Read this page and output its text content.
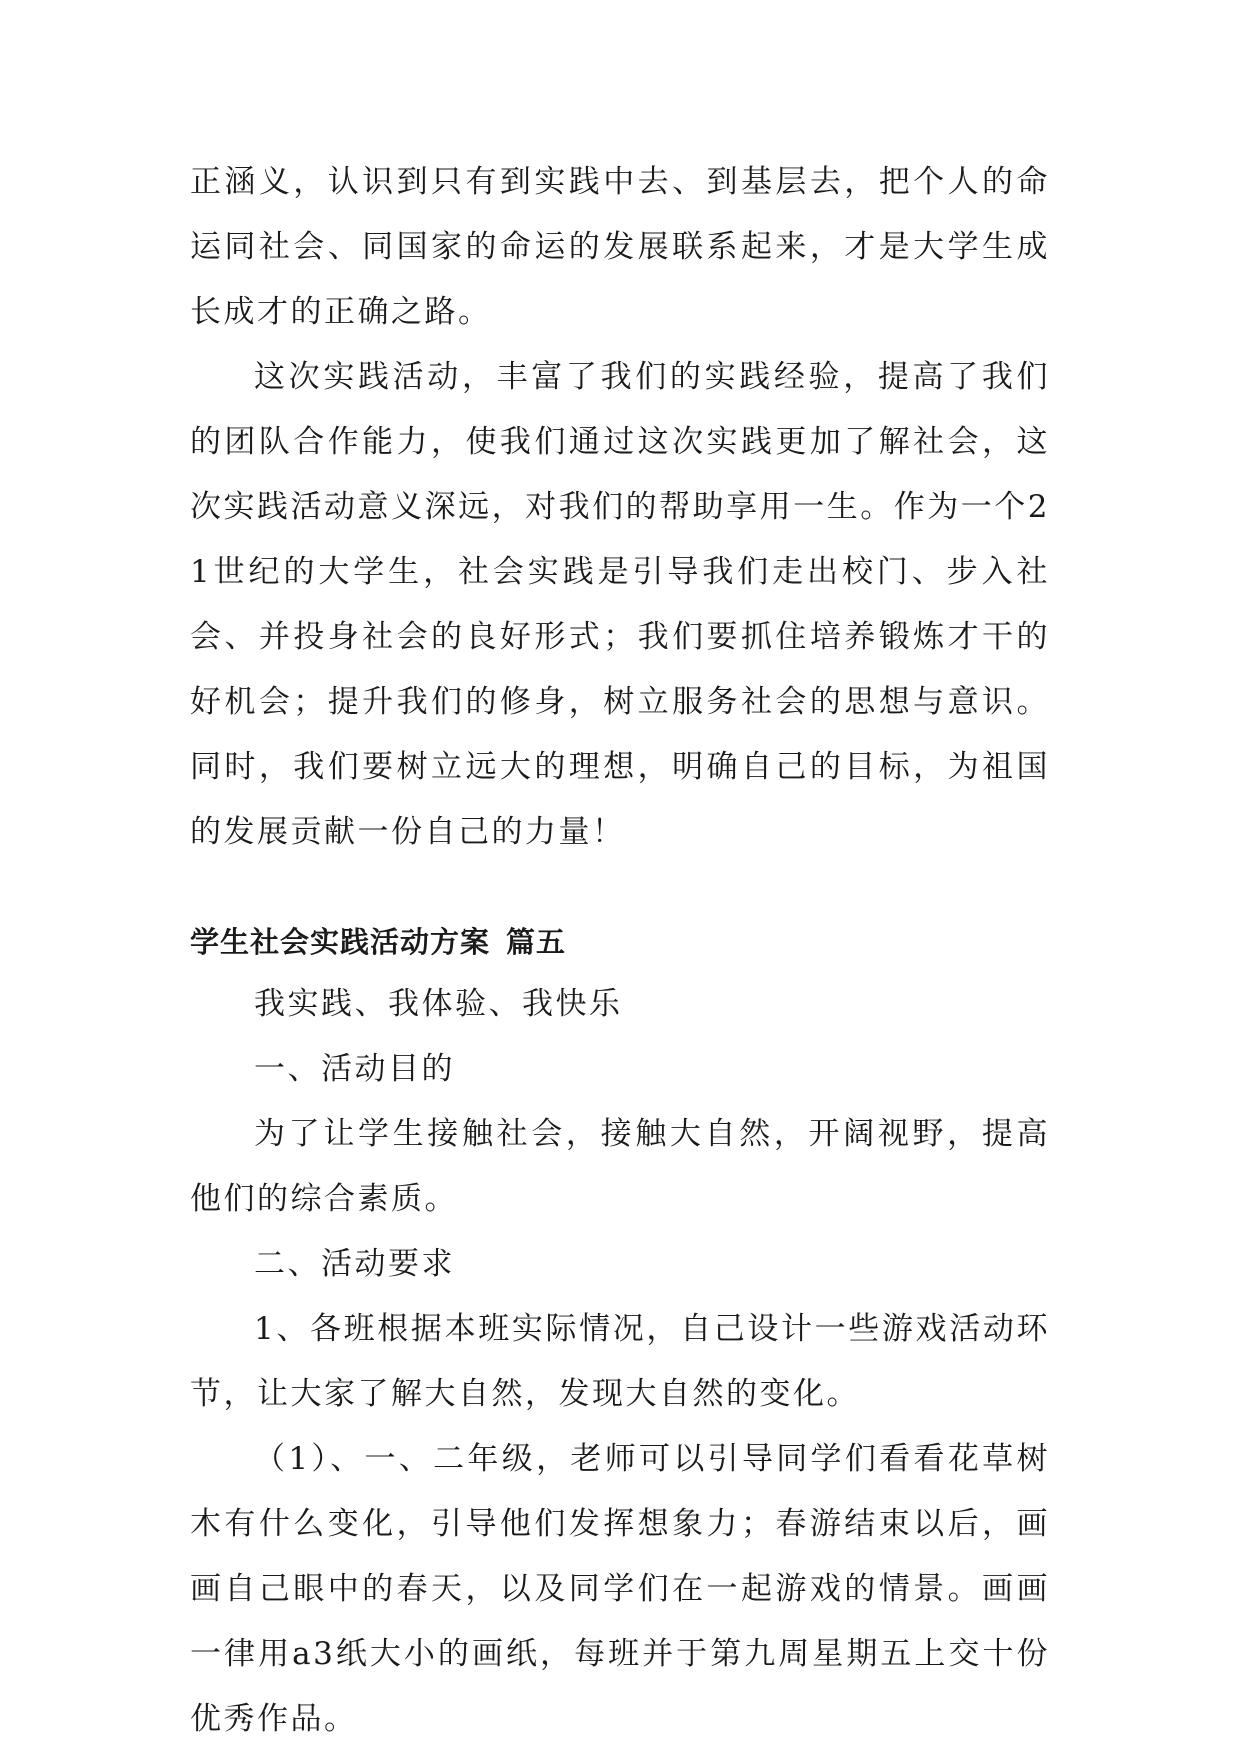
正涵义，认识到只有到实践中去、到基层去，把个人的命运同社会、同国家的命运的发展联系起来，才是大学生成长成才的正确之路。

这次实践活动，丰富了我们的实践经验，提高了我们的团队合作能力，使我们通过这次实践更加了解社会，这次实践活动意义深远，对我们的帮助享用一生。作为一个21世纪的大学生，社会实践是引导我们走出校门、步入社会、并投身社会的良好形式；我们要抓住培养锻炼才干的好机会；提升我们的修身，树立服务社会的思想与意识。同时，我们要树立远大的理想，明确自己的目标，为祖国的发展贡献一份自己的力量！

学生社会实践活动方案 篇五

我实践、我体验、我快乐

一、活动目的

为了让学生接触社会，接触大自然，开阔视野，提高他们的综合素质。

二、活动要求

1、各班根据本班实际情况，自己设计一些游戏活动环节，让大家了解大自然，发现大自然的变化。

（1）、一、二年级，老师可以引导同学们看看花草树木有什么变化，引导他们发挥想象力；春游结束以后，画画自己眼中的春天，以及同学们在一起游戏的情景。画画一律用a3纸大小的画纸，每班并于第九周星期五上交十份优秀作品。
